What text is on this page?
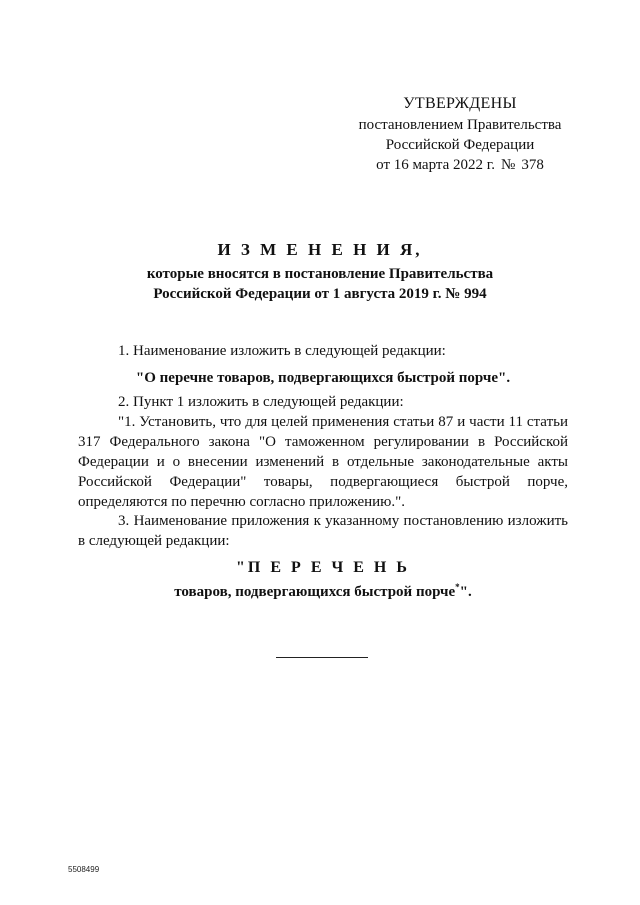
УТВЕРЖДЕНЫ
постановлением Правительства
Российской Федерации
от 16 марта 2022 г. № 378
И З М Е Н Е Н И Я,
которые вносятся в постановление Правительства
Российской Федерации от 1 августа 2019 г. № 994

1. Наименование изложить в следующей редакции:

"О перечне товаров, подвергающихся быстрой порче".

2. Пункт 1 изложить в следующей редакции:

"1. Установить, что для целей применения статьи 87 и части 11 статьи 317 Федерального закона "О таможенном регулировании в Российской Федерации и о внесении изменений в отдельные законодательные акты Российской Федерации" товары, подвергающиеся быстрой порче, определяются по перечню согласно приложению.".

3. Наименование приложения к указанному постановлению изложить в следующей редакции:

"П Е Р Е Ч Е Н Ь
товаров, подвергающихся быстрой порче*".
5508499
